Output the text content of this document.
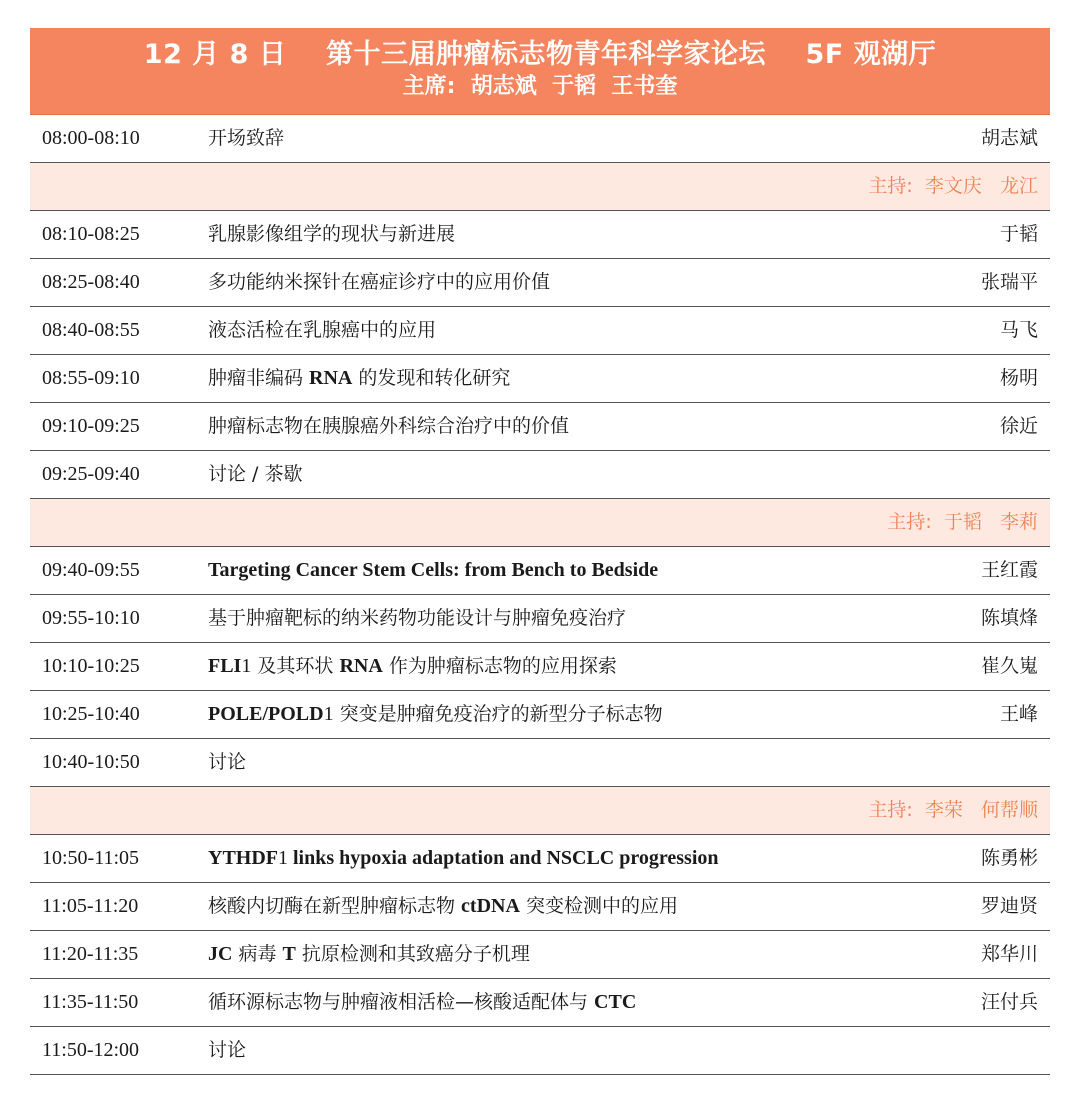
12 月 8 日    第十三届肿瘤标志物青年科学家论坛    5F 观湖厅
主席:  胡志斌  于韬  王书奎
08:00-08:10	开场致辞	胡志斌
主持:  李文庆   龙江
08:10-08:25	乳腺影像组学的现状与新进展	于韬
08:25-08:40	多功能纳米探针在癌症诊疗中的应用价值	张瑞平
08:40-08:55	液态活检在乳腺癌中的应用	马飞
08:55-09:10	肿瘤非编码 RNA 的发现和转化研究	杨明
09:10-09:25	肿瘤标志物在胰腺癌外科综合治疗中的价值	徐近
09:25-09:40	讨论 / 茶歇
主持:  于韬   李莉
09:40-09:55	Targeting Cancer Stem Cells: from Bench to Bedside	王红霞
09:55-10:10	基于肿瘤靶标的纳米药物功能设计与肿瘤免疫治疗	陈填烽
10:10-10:25	FLI1 及其环状 RNA 作为肿瘤标志物的应用探索	崔久嵬
10:25-10:40	POLE/POLD1 突变是肿瘤免疫治疗的新型分子标志物	王峰
10:40-10:50	讨论
主持:  李荣   何帮顺
10:50-11:05	YTHDF1 links hypoxia adaptation and NSCLC progression	陈勇彬
11:05-11:20	核酸内切酶在新型肿瘤标志物 ctDNA 突变检测中的应用	罗迪贤
11:20-11:35	JC 病毒 T 抗原检测和其致癌分子机理	郑华川
11:35-11:50	循环源标志物与肿瘤液相活检—核酸适配体与 CTC	汪付兵
11:50-12:00	讨论
